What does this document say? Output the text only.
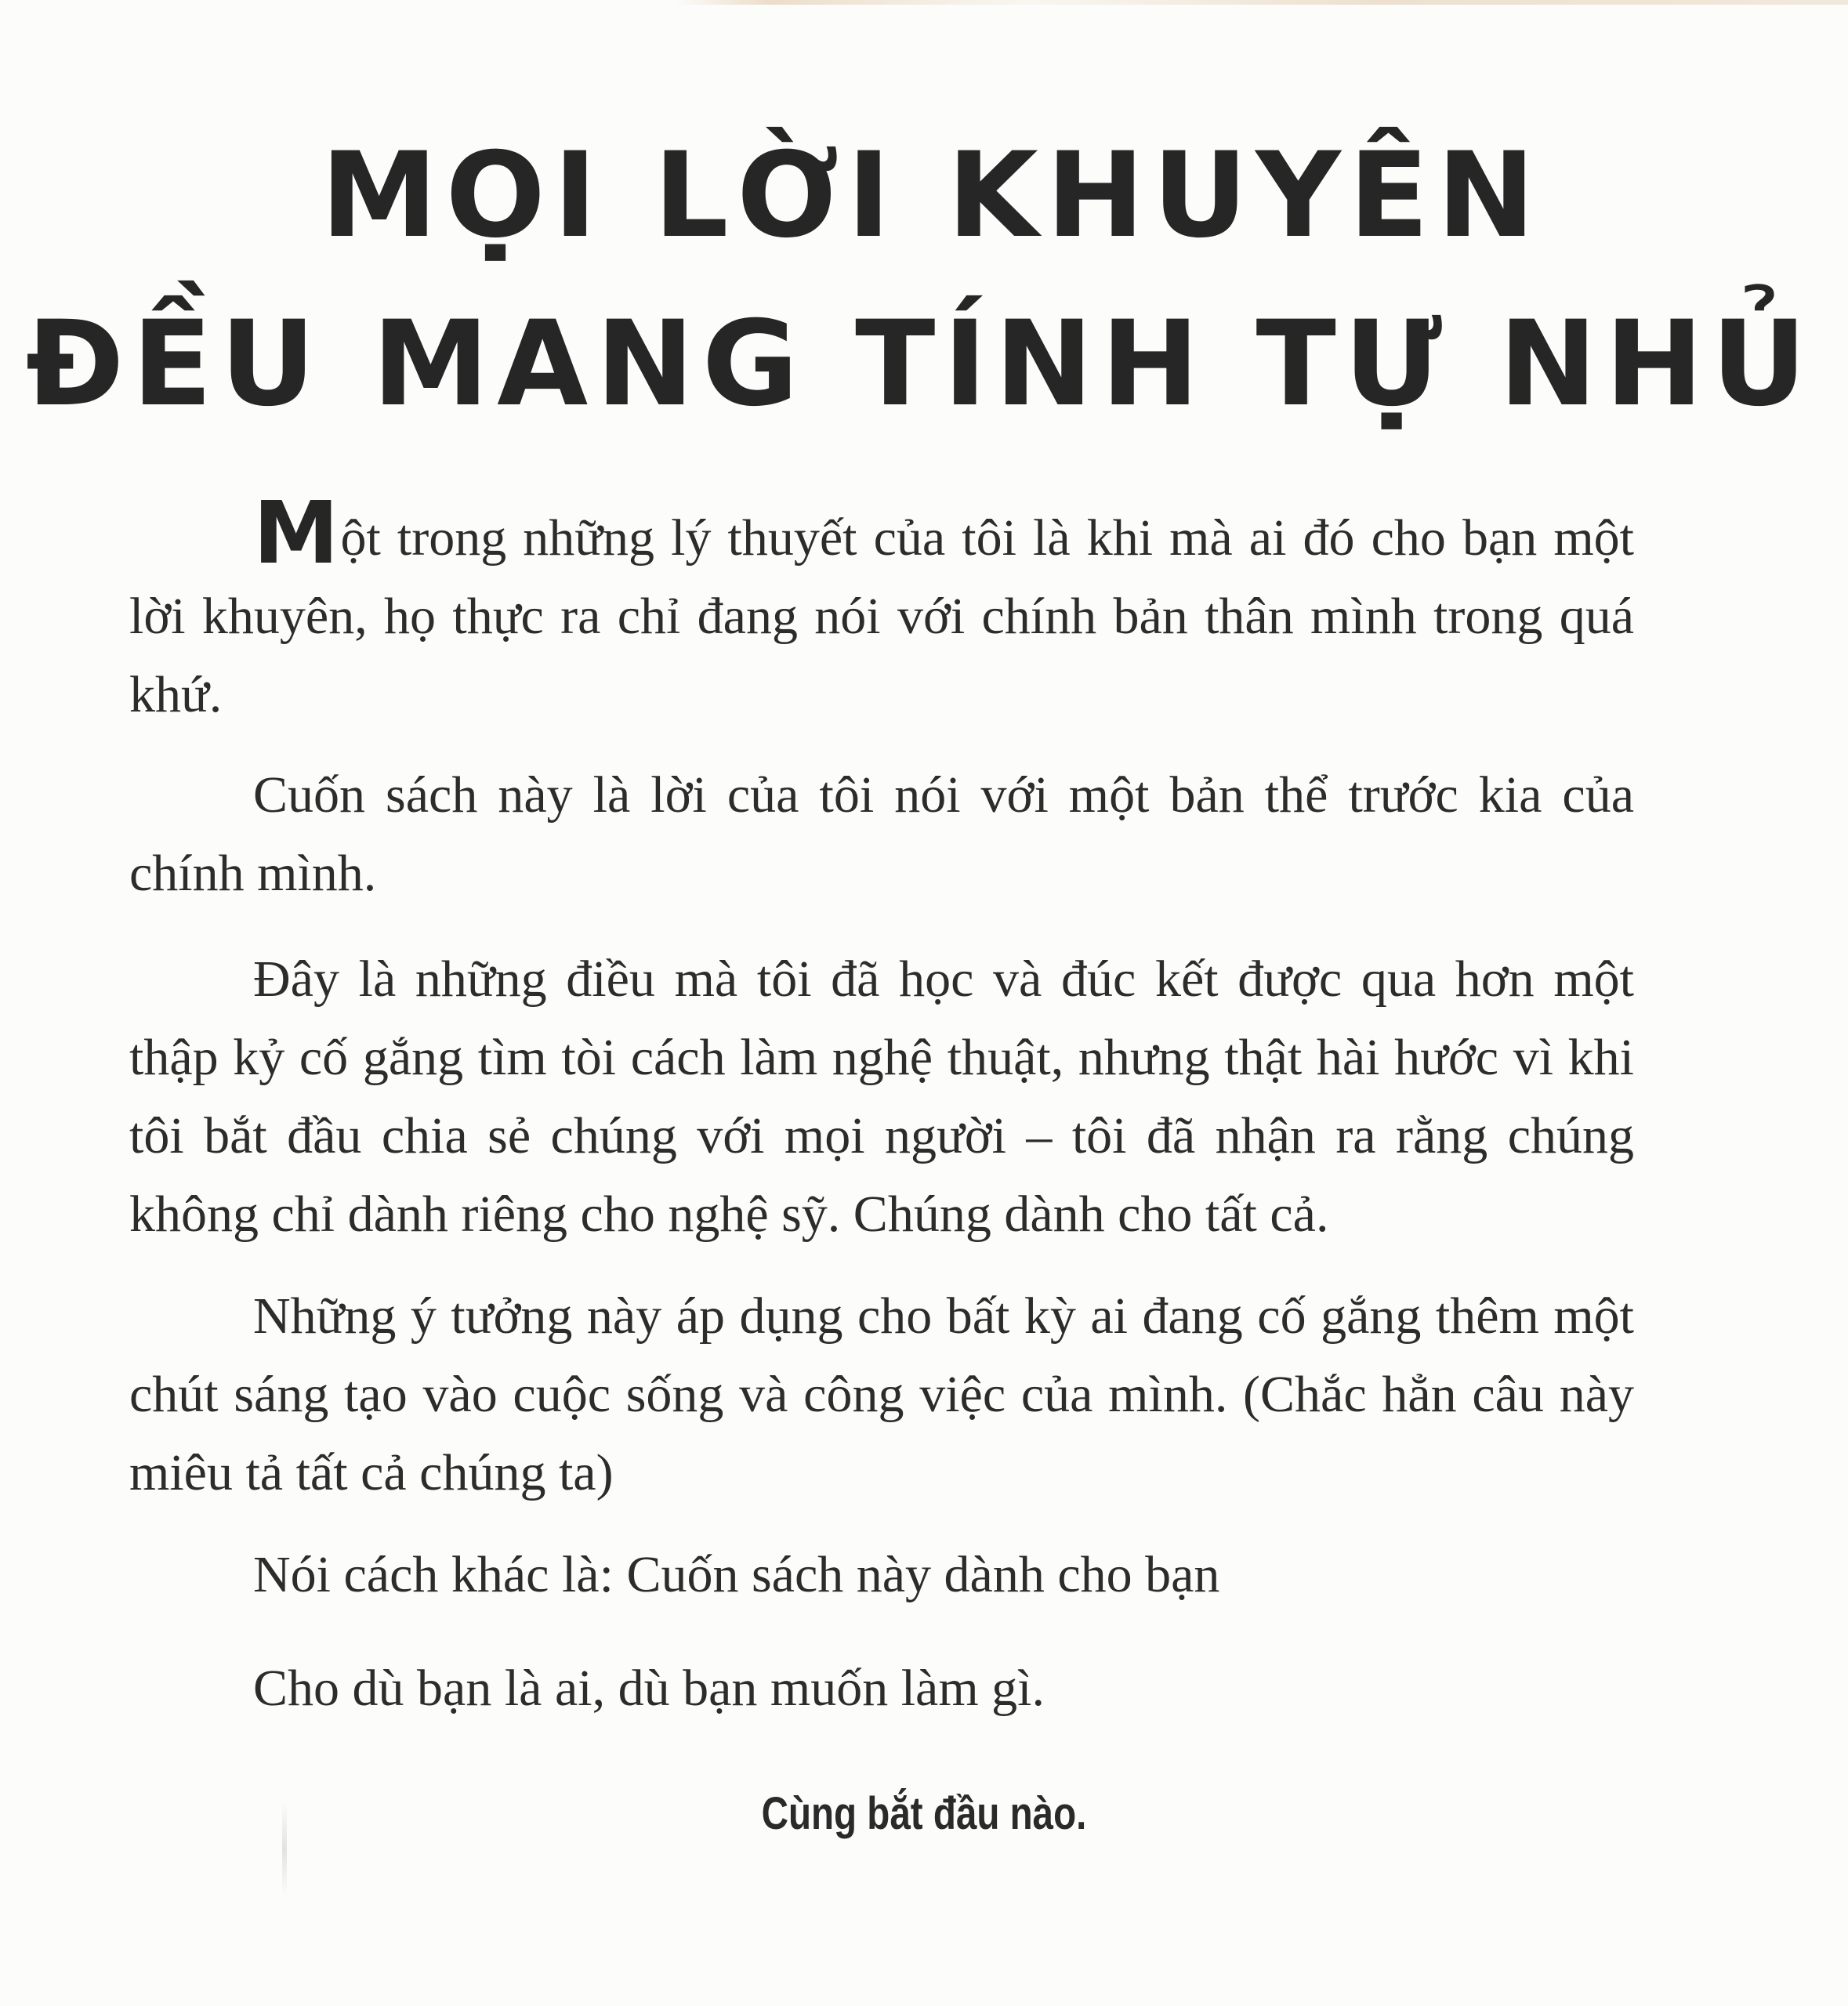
MỌI LỜI KHUYÊN
ĐỀU MANG TÍNH TỰ NHỦ

Một trong những lý thuyết của tôi là khi mà ai đó cho bạn một lời khuyên, họ thực ra chỉ đang nói với chính bản thân mình trong quá khứ.

Cuốn sách này là lời của tôi nói với một bản thể trước kia của chính mình.

Đây là những điều mà tôi đã học và đúc kết được qua hơn một thập kỷ cố gắng tìm tòi cách làm nghệ thuật, nhưng thật hài hước vì khi tôi bắt đầu chia sẻ chúng với mọi người – tôi đã nhận ra rằng chúng không chỉ dành riêng cho nghệ sỹ. Chúng dành cho tất cả.

Những ý tưởng này áp dụng cho bất kỳ ai đang cố gắng thêm một chút sáng tạo vào cuộc sống và công việc của mình. (Chắc hẳn câu này miêu tả tất cả chúng ta)

Nói cách khác là: Cuốn sách này dành cho bạn

Cho dù bạn là ai, dù bạn muốn làm gì.

Cùng bắt đầu nào.
